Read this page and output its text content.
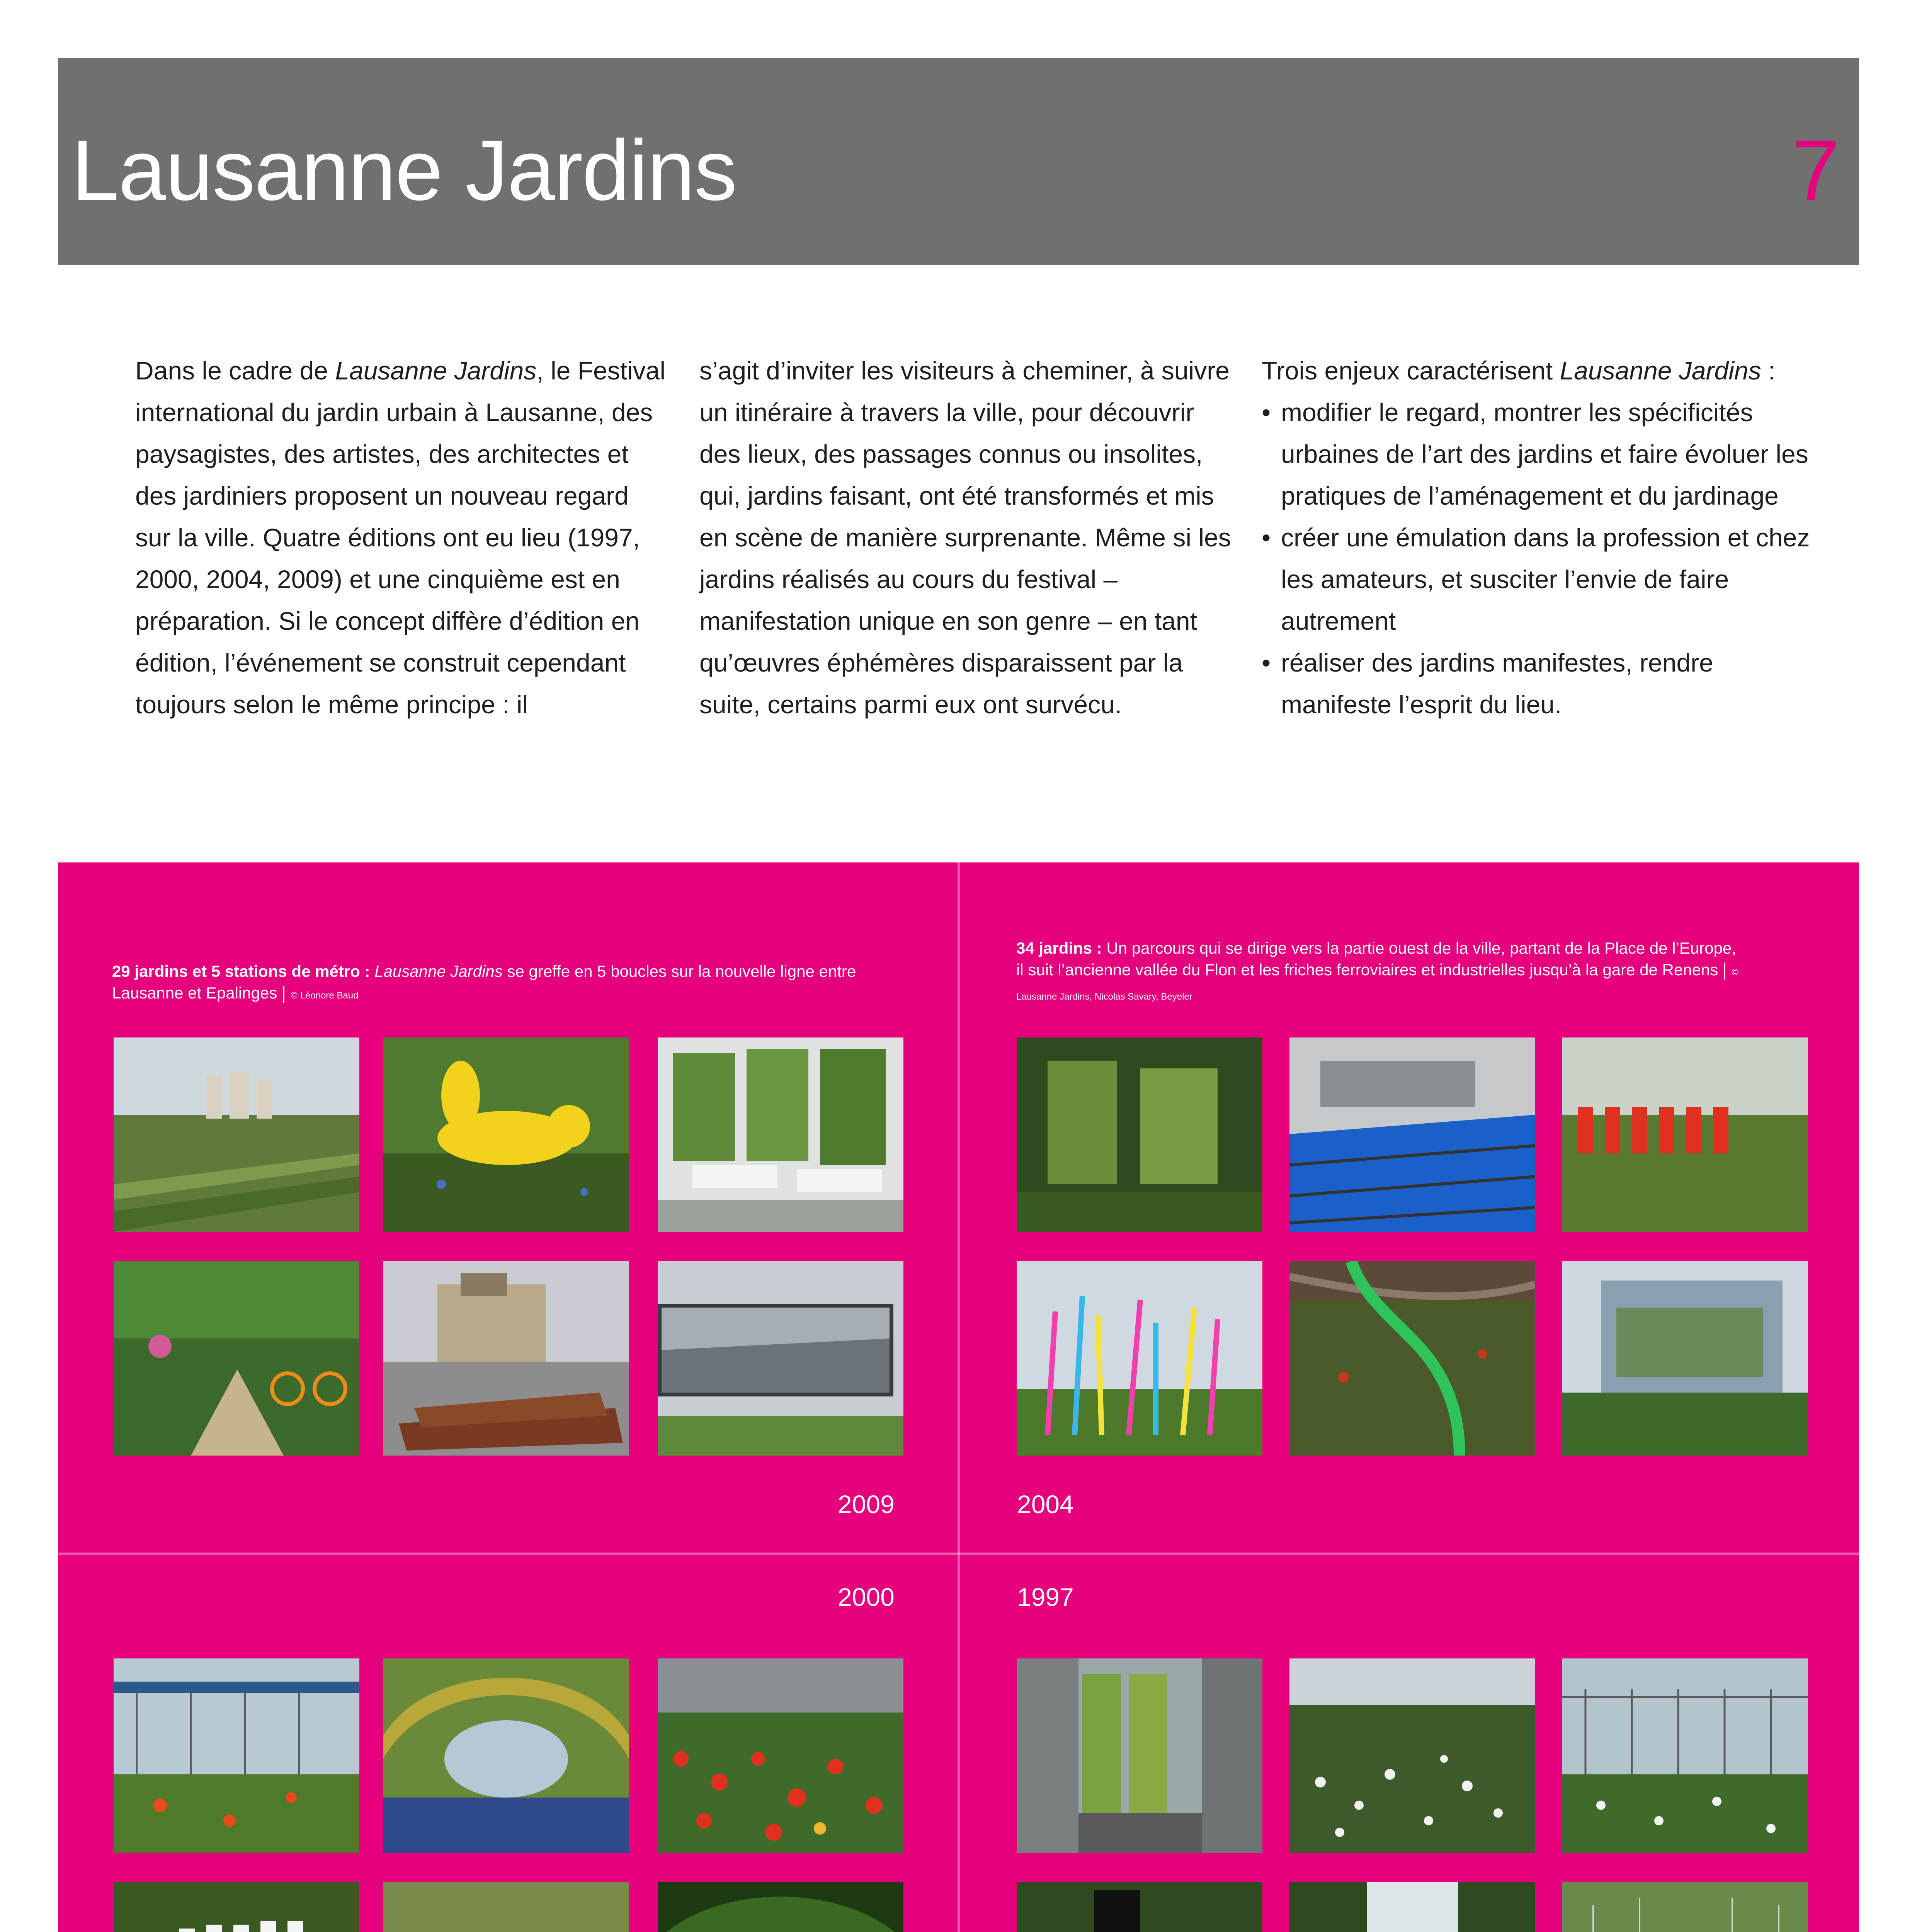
Lausanne Jardins	7

Dans le cadre de Lausanne Jardins, le Festival international du jardin urbain à Lausanne, des paysagistes, des artistes, des architectes et des jardiniers proposent un nouveau regard sur la ville. Quatre éditions ont eu lieu (1997, 2000, 2004, 2009) et une cinquième est en préparation. Si le concept diffère d’édition en édition, l’événement se construit cependant toujours selon le même principe : il

s’agit d’inviter les visiteurs à cheminer, à suivre un itinéraire à travers la ville, pour découvrir des lieux, des passages connus ou insolites, qui, jardins faisant, ont été transformés et mis en scène de manière surprenante. Même si les jardins réalisés au cours du festival – manifestation unique en son genre – en tant qu’œuvres éphémères disparaissent par la suite, certains parmi eux ont survécu.

Trois enjeux caractérisent Lausanne Jardins :

• modifier le regard, montrer les spécificités urbaines de l’art des jardins et faire évoluer les pratiques de l’aménagement et du jardinage
• créer une émulation dans la profession et chez les amateurs, et susciter l’envie de faire autrement
• réaliser des jardins manifestes, rendre manifeste l’esprit du lieu.
29 jardins et 5 stations de métro : Lausanne Jardins se greffe en 5 boucles sur la nouvelle ligne entre Lausanne et Epalinges © Léonore Baud
2009
34 jardins : Un parcours qui se dirige vers la partie ouest de la ville, partant de la Place de l’Europe, il suit l’ancienne vallée du Flon et les friches ferroviaires et industrielles jusqu’à la gare de Renens © Lausanne Jardins, Nicolas Savary, Beyeler
2004
2000	1997
